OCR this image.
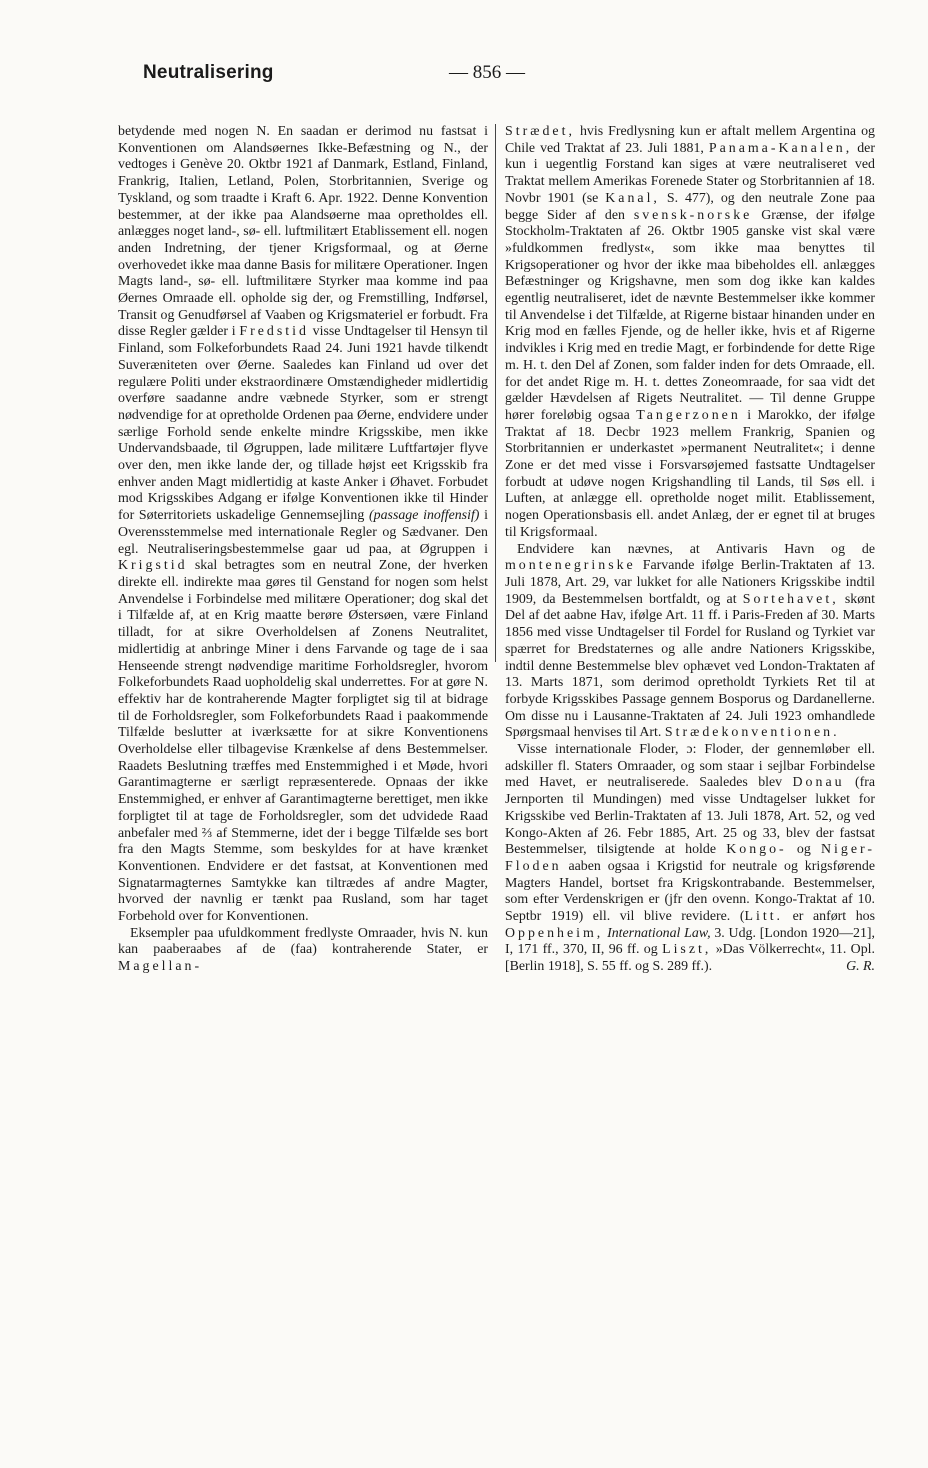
Neutralisering	— 856 —

betydende med nogen N. En saadan er derimod nu fastsat i Konventionen om Alandsøernes Ikke-Befæstning og N., der vedtoges i Genève 20. Oktbr 1921 af Danmark, Estland, Finland, Frankrig, Italien, Letland, Polen, Storbritannien, Sverige og Tyskland, og som traadte i Kraft 6. Apr. 1922. Denne Konvention bestemmer, at der ikke paa Alandsøerne maa opretholdes ell. anlægges noget land-, sø- ell. luftmilitært Etablissement ell. nogen anden Indretning, der tjener Krigsformaal, og at Øerne overhovedet ikke maa danne Basis for militære Operationer. Ingen Magts land-, sø- ell. luftmilitære Styrker maa komme ind paa Øernes Omraade ell. opholde sig der, og Fremstilling, Indførsel, Transit og Genudførsel af Vaaben og Krigsmateriel er forbudt. Fra disse Regler gælder i Fredstid visse Undtagelser til Hensyn til Finland, som Folkeforbundets Raad 24. Juni 1921 havde tilkendt Suveræniteten over Øerne. Saaledes kan Finland ud over det regulære Politi under ekstraordinære Omstændigheder midlertidig overføre saadanne andre væbnede Styrker, som er strengt nødvendige for at opretholde Ordenen paa Øerne, endvidere under særlige Forhold sende enkelte mindre Krigsskibe, men ikke Undervandsbaade, til Øgruppen, lade militære Luftfartøjer flyve over den, men ikke lande der, og tillade højst eet Krigsskib fra enhver anden Magt midlertidig at kaste Anker i Øhavet. Forbudet mod Krigsskibes Adgang er ifølge Konventionen ikke til Hinder for Søterritoriets uskadelige Gennemsejling (passage inoffensif) i Overensstemmelse med internationale Regler og Sædvaner. Den egl. Neutraliseringsbestemmelse gaar ud paa, at Øgruppen i Krigstid skal betragtes som en neutral Zone, der hverken direkte ell. indirekte maa gøres til Genstand for nogen som helst Anvendelse i Forbindelse med militære Operationer; dog skal det i Tilfælde af, at en Krig maatte berøre Østersøen, være Finland tilladt, for at sikre Overholdelsen af Zonens Neutralitet, midlertidig at anbringe Miner i dens Farvande og tage de i saa Henseende strengt nødvendige maritime Forholdsregler, hvorom Folkeforbundets Raad uopholdelig skal underrettes. For at gøre N. effektiv har de kontraherende Magter forpligtet sig til at bidrage til de Forholdsregler, som Folkeforbundets Raad i paakommende Tilfælde beslutter at iværksætte for at sikre Konventionens Overholdelse eller tilbagevise Krænkelse af dens Bestemmelser. Raadets Beslutning træffes med Enstemmighed i et Møde, hvori Garantimagterne er særligt repræsenterede. Opnaas der ikke Enstemmighed, er enhver af Garantimagterne berettiget, men ikke forpligtet til at tage de Forholdsregler, som det udvidede Raad anbefaler med ⅔ af Stemmerne, idet der i begge Tilfælde ses bort fra den Magts Stemme, som beskyldes for at have krænket Konventionen. Endvidere er det fastsat, at Konventionen med Signatarmagternes Samtykke kan tiltrædes af andre Magter, hvorved der navnlig er tænkt paa Rusland, som har taget Forbehold over for Konventionen.

Eksempler paa ufuldkomment fredlyste Omraader, hvis N. kun kan paaberaabes af de (faa) kontraherende Stater, er Magellan-

Strædet, hvis Fredlysning kun er aftalt mellem Argentina og Chile ved Traktat af 23. Juli 1881, Panama-Kanalen, der kun i uegentlig Forstand kan siges at være neutraliseret ved Traktat mellem Amerikas Forenede Stater og Storbritannien af 18. Novbr 1901 (se Kanal, S. 477), og den neutrale Zone paa begge Sider af den svensk-norske Grænse, der ifølge Stockholm-Traktaten af 26. Oktbr 1905 ganske vist skal være »fuldkommen fredlyst«, som ikke maa benyttes til Krigsoperationer og hvor der ikke maa bibeholdes ell. anlægges Befæstninger og Krigshavne, men som dog ikke kan kaldes egentlig neutraliseret, idet de nævnte Bestemmelser ikke kommer til Anvendelse i det Tilfælde, at Rigerne bistaar hinanden under en Krig mod en fælles Fjende, og de heller ikke, hvis et af Rigerne indvikles i Krig med en tredie Magt, er forbindende for dette Rige m. H. t. den Del af Zonen, som falder inden for dets Omraade, ell. for det andet Rige m. H. t. dettes Zoneomraade, for saa vidt det gælder Hævdelsen af Rigets Neutralitet. — Til denne Gruppe hører foreløbig ogsaa Tangerzonen i Marokko, der ifølge Traktat af 18. Decbr 1923 mellem Frankrig, Spanien og Storbritannien er underkastet »permanent Neutralitet«; i denne Zone er det med visse i Forsvarsøjemed fastsatte Undtagelser forbudt at udøve nogen Krigshandling til Lands, til Søs ell. i Luften, at anlægge ell. opretholde noget milit. Etablissement, nogen Operationsbasis ell. andet Anlæg, der er egnet til at bruges til Krigsformaal.

Endvidere kan nævnes, at Antivaris Havn og de montenegrinske Farvande ifølge Berlin-Traktaten af 13. Juli 1878, Art. 29, var lukket for alle Nationers Krigsskibe indtil 1909, da Bestemmelsen bortfaldt, og at Sortehavet, skønt Del af det aabne Hav, ifølge Art. 11 ff. i Paris-Freden af 30. Marts 1856 med visse Undtagelser til Fordel for Rusland og Tyrkiet var spærret for Bredstaternes og alle andre Nationers Krigsskibe, indtil denne Bestemmelse blev ophævet ved London-Traktaten af 13. Marts 1871, som derimod opretholdt Tyrkiets Ret til at forbyde Krigsskibes Passage gennem Bosporus og Dardanellerne. Om disse nu i Lausanne-Traktaten af 24. Juli 1923 omhandlede Spørgsmaal henvises til Art. Strædekonventionen.

Visse internationale Floder, ɔ: Floder, der gennemløber ell. adskiller fl. Staters Omraader, og som staar i sejlbar Forbindelse med Havet, er neutraliserede. Saaledes blev Donau (fra Jernporten til Mundingen) med visse Undtagelser lukket for Krigsskibe ved Berlin-Traktaten af 13. Juli 1878, Art. 52, og ved Kongo-Akten af 26. Febr 1885, Art. 25 og 33, blev der fastsat Bestemmelser, tilsigtende at holde Kongo- og Niger-Floden aaben ogsaa i Krigstid for neutrale og krigsførende Magters Handel, bortset fra Krigskontrabande. Bestemmelser, som efter Verdenskrigen er (jfr den ovenn. Kongo-Traktat af 10. Septbr 1919) ell. vil blive revidere. (Litt. er anført hos Oppenheim, International Law, 3. Udg. [London 1920—21], I, 171 ff., 370, II, 96 ff. og Liszt, »Das Völkerrecht«, 11. Opl. [Berlin 1918], S. 55 ff. og S. 289 ff.).	G. R.
